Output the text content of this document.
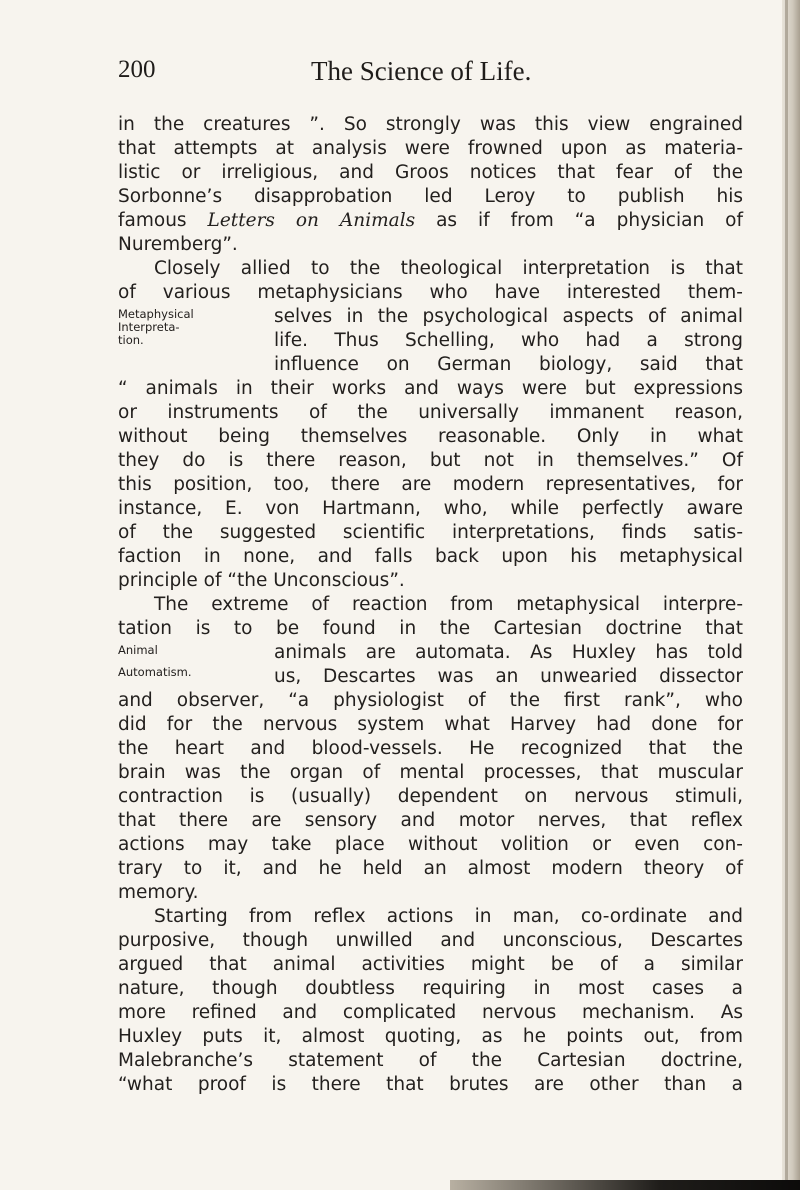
200	The Science of Life.
in the creatures ”. So strongly was this view engrained
that attempts at analysis were frowned upon as materia-
listic or irreligious, and Groos notices that fear of the
Sorbonne’s disapprobation led Leroy to publish his
famous Letters on Animals as if from “a physician of
Nuremberg”.
Closely allied to the theological interpretation is that
of various metaphysicians who have interested them-
Metaphysical
Interpreta-
tion.
selves in the psychological aspects of animal
life. Thus Schelling, who had a strong
influence on German biology, said that
“ animals in their works and ways were but expressions
or instruments of the universally immanent reason,
without being themselves reasonable. Only in what
they do is there reason, but not in themselves.” Of
this position, too, there are modern representatives, for
instance, E. von Hartmann, who, while perfectly aware
of the suggested scientific interpretations, finds satis-
faction in none, and falls back upon his metaphysical
principle of “the Unconscious”.
The extreme of reaction from metaphysical interpre-
tation is to be found in the Cartesian doctrine that
Animal
Automatism.
animals are automata. As Huxley has told
us, Descartes was an unwearied dissector
and observer, “a physiologist of the first rank”, who
did for the nervous system what Harvey had done for
the heart and blood-vessels. He recognized that the
brain was the organ of mental processes, that muscular
contraction is (usually) dependent on nervous stimuli,
that there are sensory and motor nerves, that reflex
actions may take place without volition or even con-
trary to it, and he held an almost modern theory of
memory.
Starting from reflex actions in man, co-ordinate and
purposive, though unwilled and unconscious, Descartes
argued that animal activities might be of a similar
nature, though doubtless requiring in most cases a
more refined and complicated nervous mechanism. As
Huxley puts it, almost quoting, as he points out, from
Malebranche’s statement of the Cartesian doctrine,
“what proof is there that brutes are other than a
